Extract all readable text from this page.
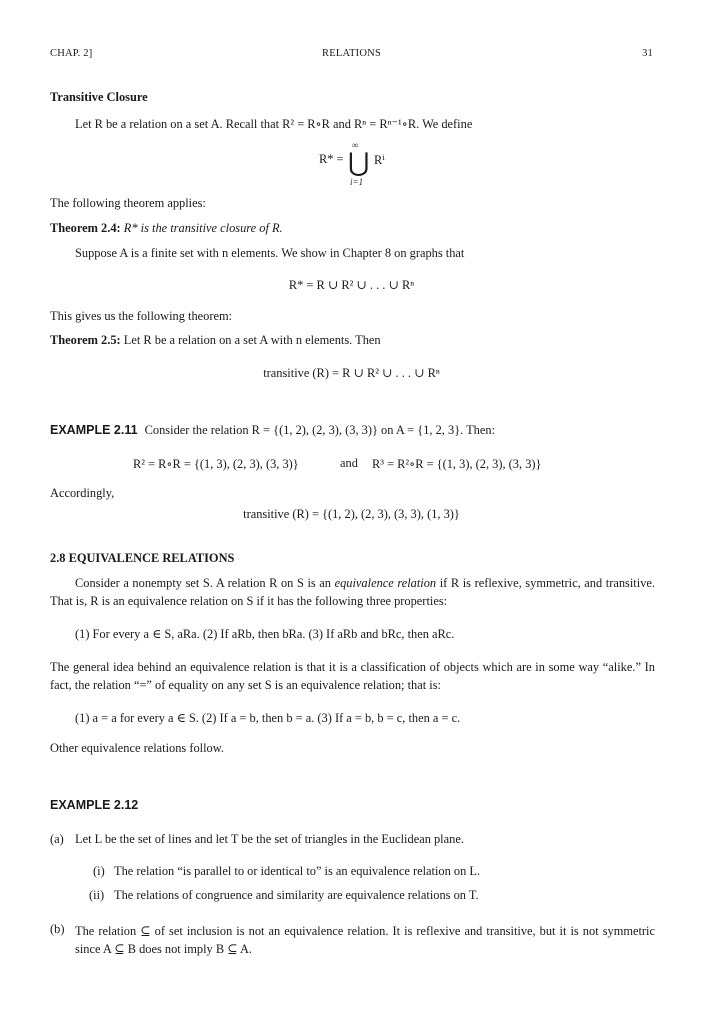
CHAP. 2]	RELATIONS	31
Transitive Closure
Let R be a relation on a set A. Recall that R² = R∘R and Rⁿ = Rⁿ⁻¹∘R. We define
R* =
∞
⋃ Rⁱ
i=1
The following theorem applies:
Theorem 2.4: R* is the transitive closure of R.
Suppose A is a finite set with n elements. We show in Chapter 8 on graphs that
R* = R ∪ R² ∪ . . . ∪ Rⁿ
This gives us the following theorem:
Theorem 2.5: Let R be a relation on a set A with n elements. Then
transitive (R) = R ∪ R² ∪ . . . ∪ Rⁿ
EXAMPLE 2.11 Consider the relation R = {(1, 2), (2, 3), (3, 3)} on A = {1, 2, 3}. Then:
R² = R∘R = {(1, 3), (2, 3), (3, 3)}	and R³ = R²∘R = {(1, 3), (2, 3), (3, 3)}
Accordingly,
transitive (R) = {(1, 2), (2, 3), (3, 3), (1, 3)}
2.8 EQUIVALENCE RELATIONS
Consider a nonempty set S. A relation R on S is an equivalence relation if R is reflexive, symmetric, and transitive. That is, R is an equivalence relation on S if it has the following three properties:
(1) For every a ∈ S, aRa. (2) If aRb, then bRa. (3) If aRb and bRc, then aRc.
The general idea behind an equivalence relation is that it is a classification of objects which are in some way “alike.” In fact, the relation “=” of equality on any set S is an equivalence relation; that is:
(1) a = a for every a ∈ S. (2) If a = b, then b = a. (3) If a = b, b = c, then a = c.
Other equivalence relations follow.
EXAMPLE 2.12
(a) Let L be the set of lines and let T be the set of triangles in the Euclidean plane.
(i) The relation “is parallel to or identical to” is an equivalence relation on L.
(ii) The relations of congruence and similarity are equivalence relations on T.
(b) The relation ⊆ of set inclusion is not an equivalence relation. It is reflexive and transitive, but it is not symmetric since A ⊆ B does not imply B ⊆ A.
